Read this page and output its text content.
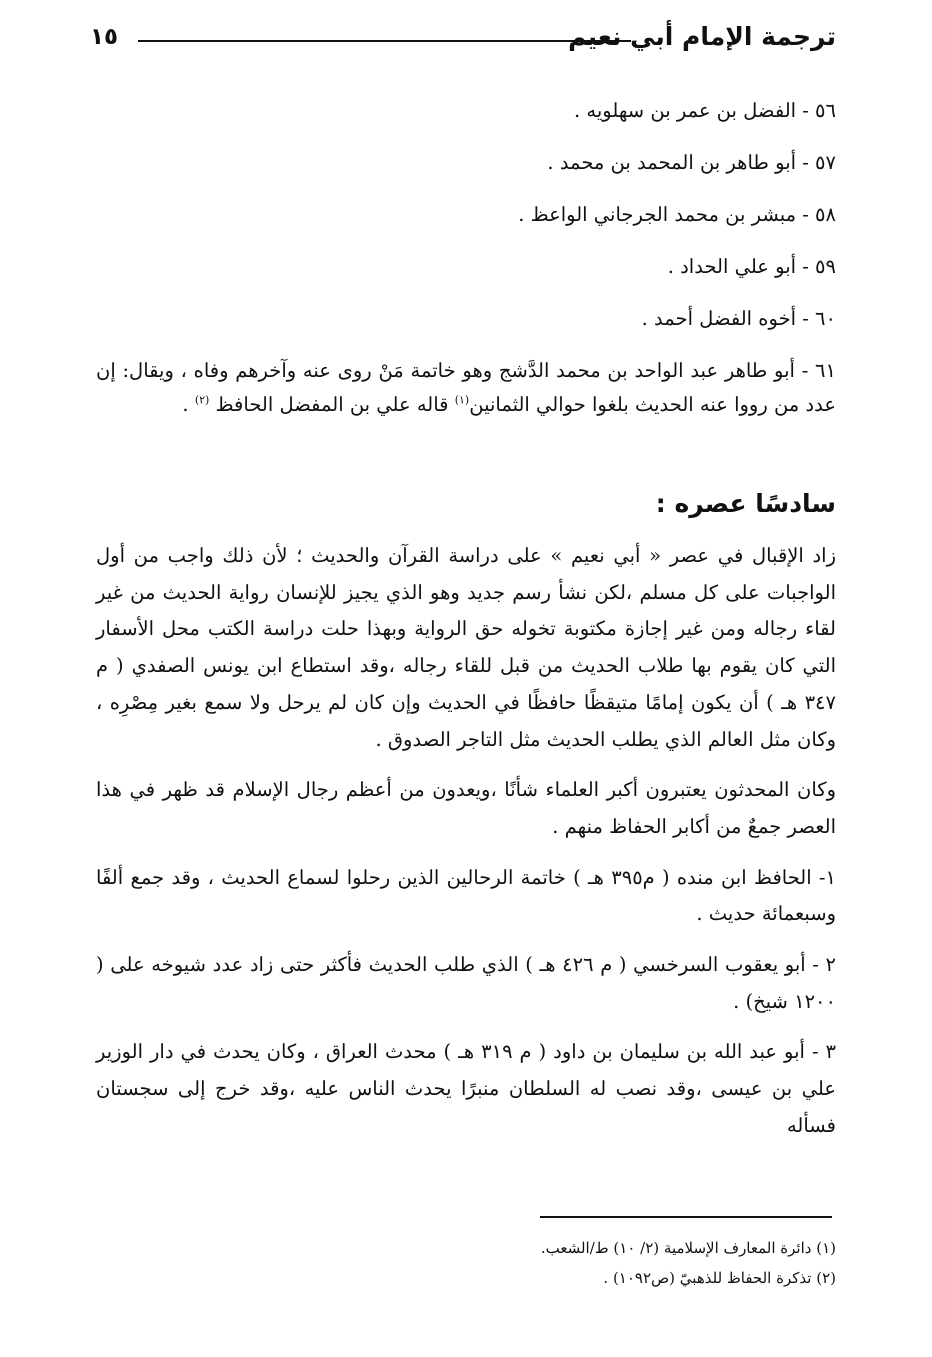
ترجمة الإمام أبي نعيم
١٥
٥٦ - الفضل بن عمر بن سهلويه .
٥٧ - أبو طاهر بن المحمد بن محمد .
٥٨ - مبشر بن محمد الجرجاني الواعظ .
٥٩ - أبو علي الحداد .
٦٠ - أخوه الفضل أحمد .
٦١ - أبو طاهر عبد الواحد بن محمد الدَّشج وهو خاتمة مَنْ روى عنه وآخرهم وفاه ، ويقال: إن عدد من رووا عنه الحديث بلغوا حوالي الثمانين$^{(١)}$ قاله علي بن المفضل الحافظ $^{(٢)}$ .
سادسًا عصره :

زاد الإقبال في عصر « أبي نعيم » على دراسة القرآن والحديث ؛ لأن ذلك واجب من أول الواجبات على كل مسلم ،لكن نشأ رسم جديد وهو الذي يجيز للإنسان رواية الحديث من غير لقاء رجاله ومن غير إجازة مكتوبة تخوله حق الرواية وبهذا حلت دراسة الكتب محل الأسفار التي كان يقوم بها طلاب الحديث من قبل للقاء رجاله ،وقد استطاع ابن يونس الصفدي ( م ٣٤٧ هـ ) أن يكون إمامًا متيقظًا حافظًا في الحديث وإن كان لم يرحل ولا سمع بغير مِصْرِه ، وكان مثل العالم الذي يطلب الحديث مثل التاجر الصدوق .

وكان المحدثون يعتبرون أكبر العلماء شأنًا ،ويعدون من أعظم رجال الإسلام قد ظهر في هذا العصر جمعٌ من أكابر الحفاظ منهم .

١- الحافظ ابن منده ( م٣٩٥ هـ ) خاتمة الرحالين الذين رحلوا لسماع الحديث ، وقد جمع ألفًا وسبعمائة حديث .

٢ - أبو يعقوب السرخسي ( م ٤٢٦ هـ ) الذي طلب الحديث فأكثر حتى زاد عدد شيوخه على ( ١٢٠٠ شيخ) .

٣ - أبو عبد الله بن سليمان بن داود ( م ٣١٩ هـ ) محدث العراق ، وكان يحدث في دار الوزير علي بن عيسى ،وقد نصب له السلطان منبرًا يحدث الناس عليه ،وقد خرج إلى سجستان فسأله

(١) دائرة المعارف الإسلامية (٢/ ١٠) ط/الشعب.
(٢) تذكرة الحفاظ للذهبيّ (ص١٠٩٢) .
